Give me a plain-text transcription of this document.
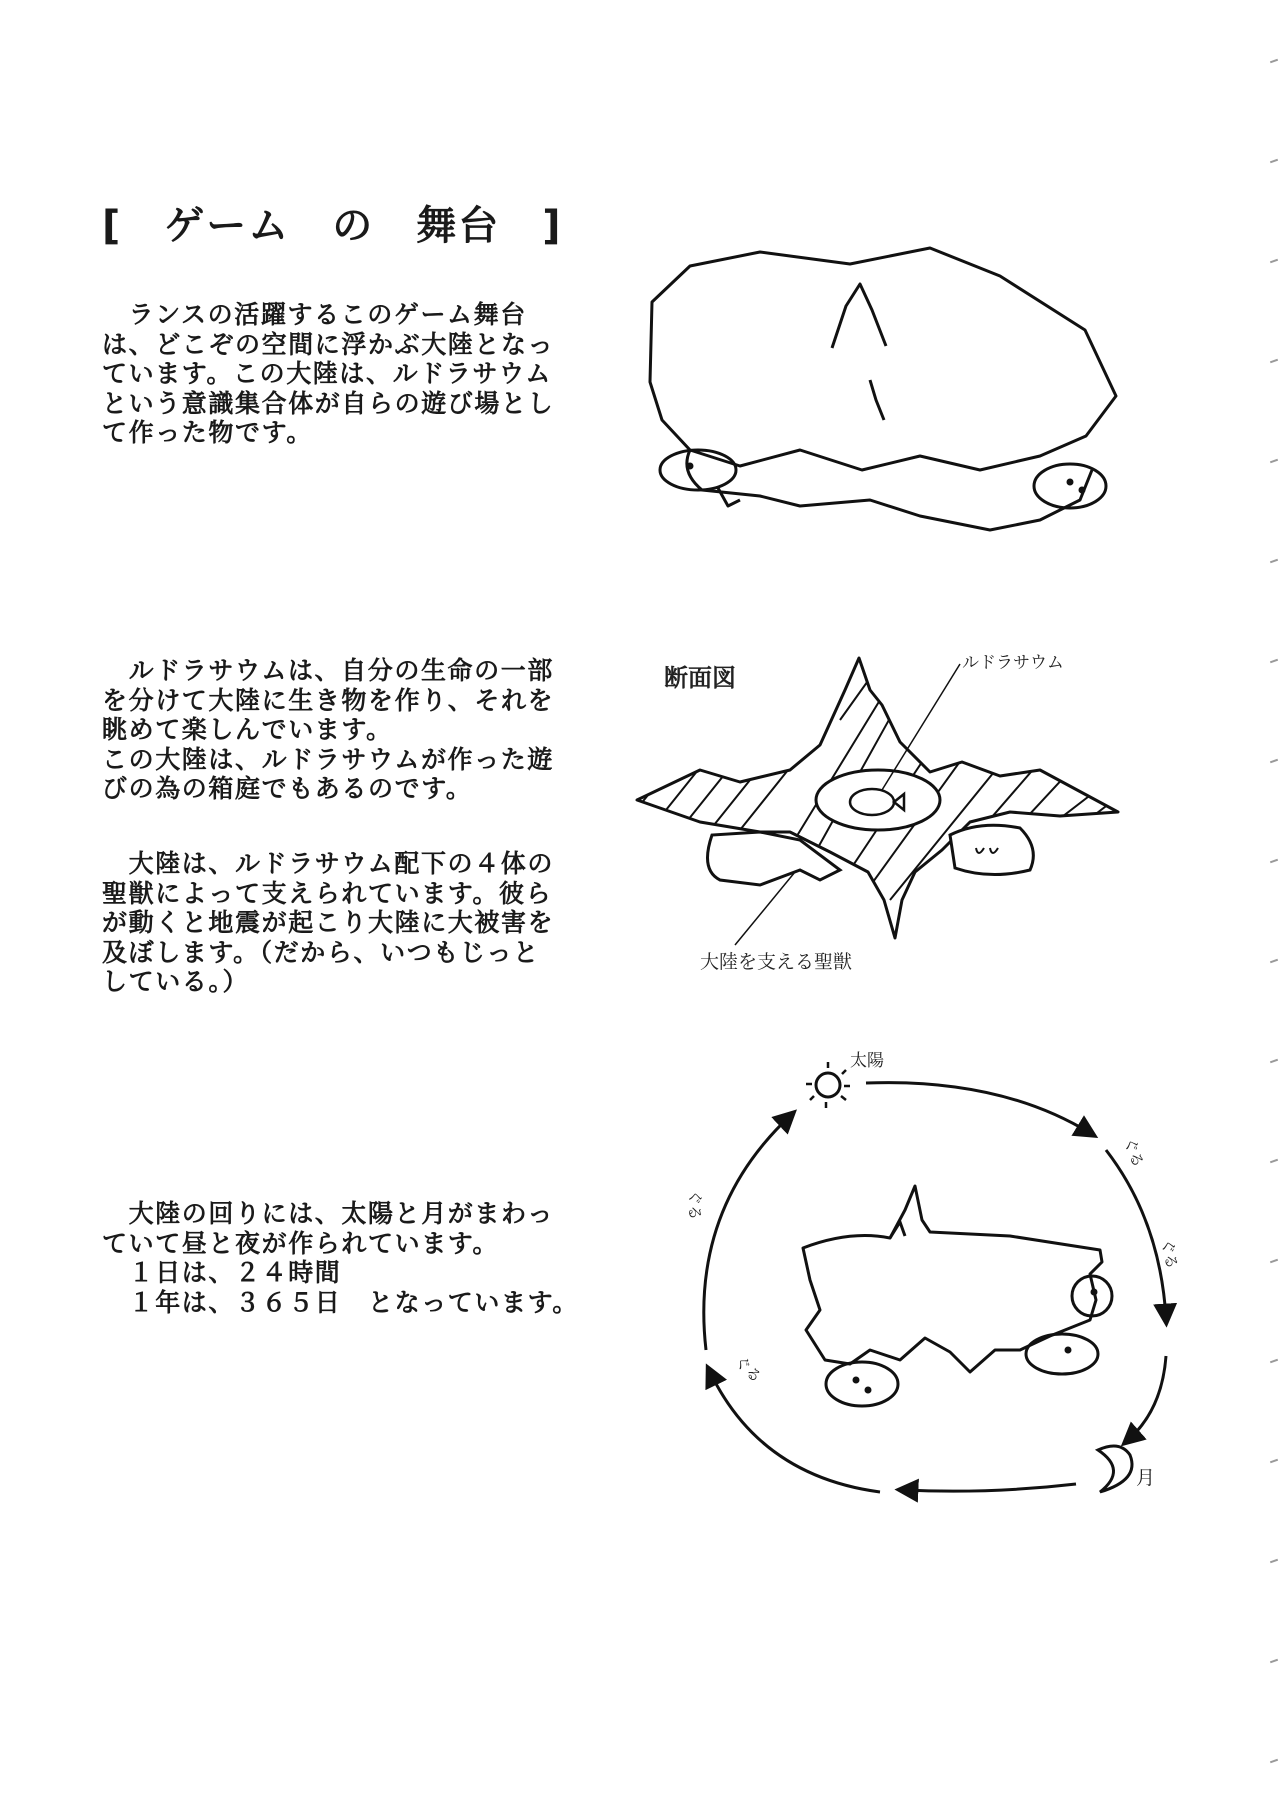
[　ゲーム　の　舞台　]
　ランスの活躍するこのゲーム舞台
は、どこぞの空間に浮かぶ大陸となっ
ています。この大陸は、ルドラサウム
という意識集合体が自らの遊び場とし
て作った物です。
　ルドラサウムは、自分の生命の一部
を分けて大陸に生き物を作り、それを
眺めて楽しんでいます。
この大陸は、ルドラサウムが作った遊
びの為の箱庭でもあるのです。
　大陸は、ルドラサウム配下の４体の
聖獣によって支えられています。彼ら
が動くと地震が起こり大陸に大被害を
及ぼします。（だから、いつもじっと
している。）
　大陸の回りには、太陽と月がまわっ
ていて昼と夜が作られています。
　１日は、２４時間
　１年は、３６５日　となっています。
断面図
ルドラサウム
大陸を支える聖獣
太陽
月
ぐる
ぐる
ぐる
ぐる
